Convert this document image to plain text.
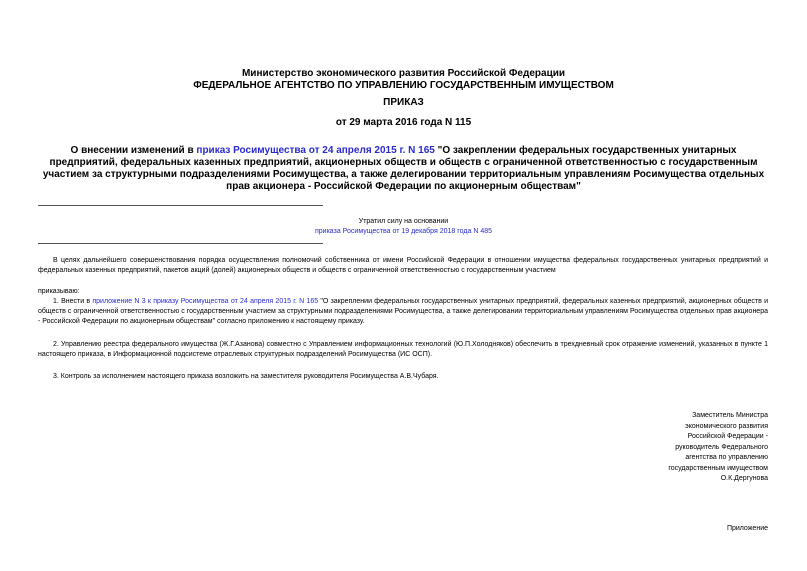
Министерство экономического развития Российской Федерации
ФЕДЕРАЛЬНОЕ АГЕНТСТВО ПО УПРАВЛЕНИЮ ГОСУДАРСТВЕННЫМ ИМУЩЕСТВОМ
ПРИКАЗ
от 29 марта 2016 года N 115
О внесении изменений в приказ Росимущества от 24 апреля 2015 г. N 165 "О закреплении федеральных государственных унитарных предприятий, федеральных казенных предприятий, акционерных обществ и обществ с ограниченной ответственностью с государственным участием за структурными подразделениями Росимущества, а также делегировании территориальным управлениям Росимущества отдельных прав акционера - Российской Федерации по акционерным обществам"
Утратил силу на основании
приказа Росимущества от 19 декабря 2018 года N 485
В целях дальнейшего совершенствования порядка осуществления полномочий собственника от имени Российской Федерации в отношении имущества федеральных государственных унитарных предприятий и федеральных казенных предприятий, пакетов акций (долей) акционерных обществ и обществ с ограниченной ответственностью с государственным участием
приказываю:
1. Внести в приложение N 3 к приказу Росимущества от 24 апреля 2015 г. N 165 "О закреплении федеральных государственных унитарных предприятий, федеральных казенных предприятий, акционерных обществ и обществ с ограниченной ответственностью с государственным участием за структурными подразделениями Росимущества, а также делегировании территориальным управлениям Росимущества отдельных прав акционера - Российской Федерации по акционерным обществам" согласно приложению к настоящему приказу.
2. Управлению реестра федерального имущества (Ж.Г.Азанова) совместно с Управлением информационных технологий (Ю.П.Холодняков) обеспечить в трехдневный срок отражение изменений, указанных в пункте 1 настоящего приказа, в Информационной подсистеме отраслевых структурных подразделений Росимущества (ИС ОСП).
3. Контроль за исполнением настоящего приказа возложить на заместителя руководителя Росимущества А.В.Чубаря.
Заместитель Министра
экономического развития
Российской Федерации -
руководитель Федерального
агентства по управлению
государственным имуществом
О.К.Дергунова
Приложение
